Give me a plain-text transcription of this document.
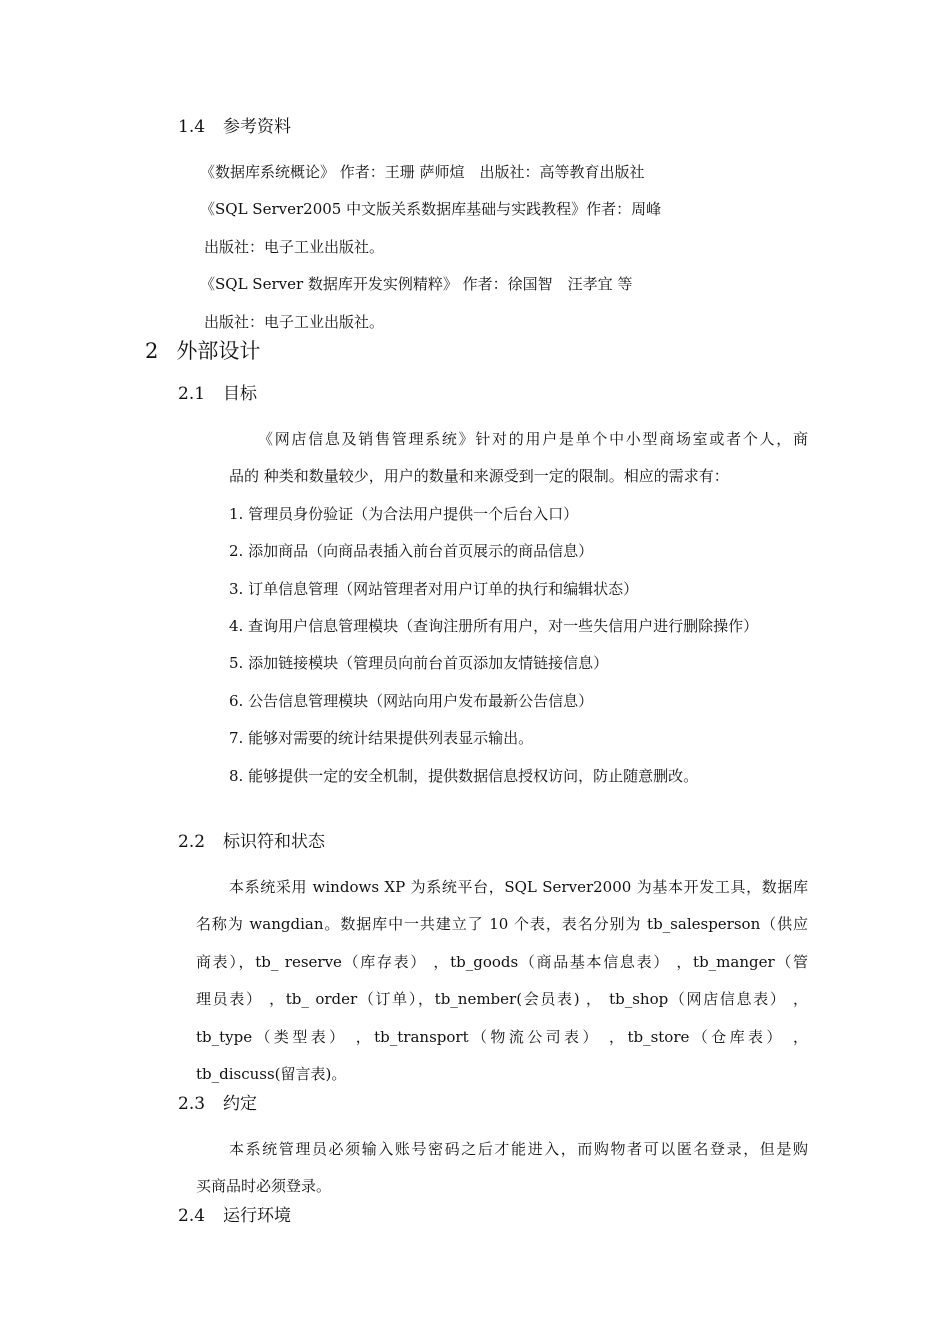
1.4 参考资料
《数据库系统概论》 作者：王珊 萨师煊　出版社：高等教育出版社
《SQL Server2005 中文版关系数据库基础与实践教程》作者：周峰
出版社：电子工业出版社。
《SQL Server 数据库开发实例精粹》 作者：徐国智　汪孝宜 等
出版社：电子工业出版社。
2 外部设计
2.1 目标
《网店信息及销售管理系统》针对的用户是单个中小型商场室或者个人，商
品的 种类和数量较少，用户的数量和来源受到一定的限制。相应的需求有：
1. 管理员身份验证（为合法用户提供一个后台入口）
2. 添加商品（向商品表插入前台首页展示的商品信息）
3. 订单信息管理（网站管理者对用户订单的执行和编辑状态）
4. 查询用户信息管理模块（查询注册所有用户，对一些失信用户进行删除操作）
5. 添加链接模块（管理员向前台首页添加友情链接信息）
6. 公告信息管理模块（网站向用户发布最新公告信息）
7. 能够对需要的统计结果提供列表显示输出。
8. 能够提供一定的安全机制，提供数据信息授权访问，防止随意删改。
2.2 标识符和状态
本系统采用 windows XP 为系统平台，SQL Server2000 为基本开发工具，数据库
名称为 wangdian。数据库中一共建立了 10 个表，表名分别为 tb_salesperson（供应
商表），tb_ reserve（库存表） ，tb_goods（商品基本信息表） ，tb_manger（管
理员表） ，tb_ order（订单），tb_nember(会员表) ， tb_shop（网店信息表） ，
tb_type（类型表） ，tb_transport（物流公司表） ，tb_store（仓库表） ，
tb_discuss(留言表)。
2.3 约定
本系统管理员必须输入账号密码之后才能进入，而购物者可以匿名登录，但是购
买商品时必须登录。
2.4 运行环境
